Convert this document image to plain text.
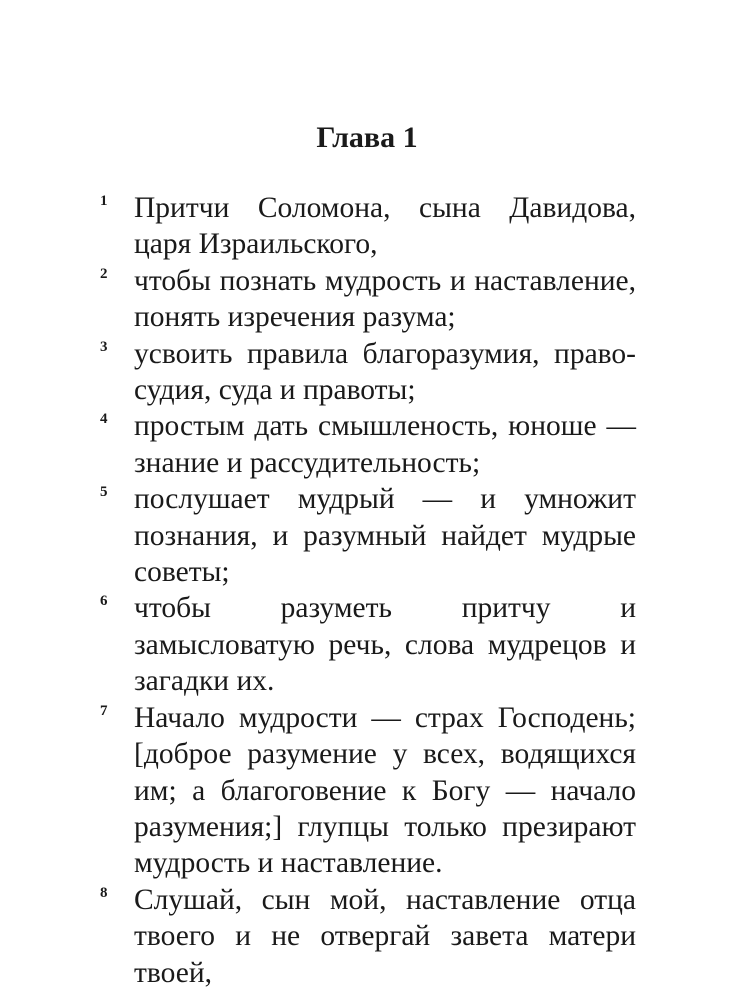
Глава 1
1 Притчи Соломона, сына Давидова, царя Израильского,
2 чтобы познать мудрость и наставление, понять изречения разума;
3 усвоить правила благоразумия, правосудия, суда и правоты;
4 простым дать смышленость, юноше — знание и рассудительность;
5 послушает мудрый — и умножит познания, и разумный найдет мудрые советы;
6 чтобы разуметь притчу и замысловатую речь, слова мудрецов и загадки их.
7 Начало мудрости — страх Господень; [доброе разумение у всех, водящихся им; а благоговение к Богу — начало разумения;] глупцы только презирают мудрость и наставление.
8 Слушай, сын мой, наставление отца твоего и не отвергай завета матери твоей,
